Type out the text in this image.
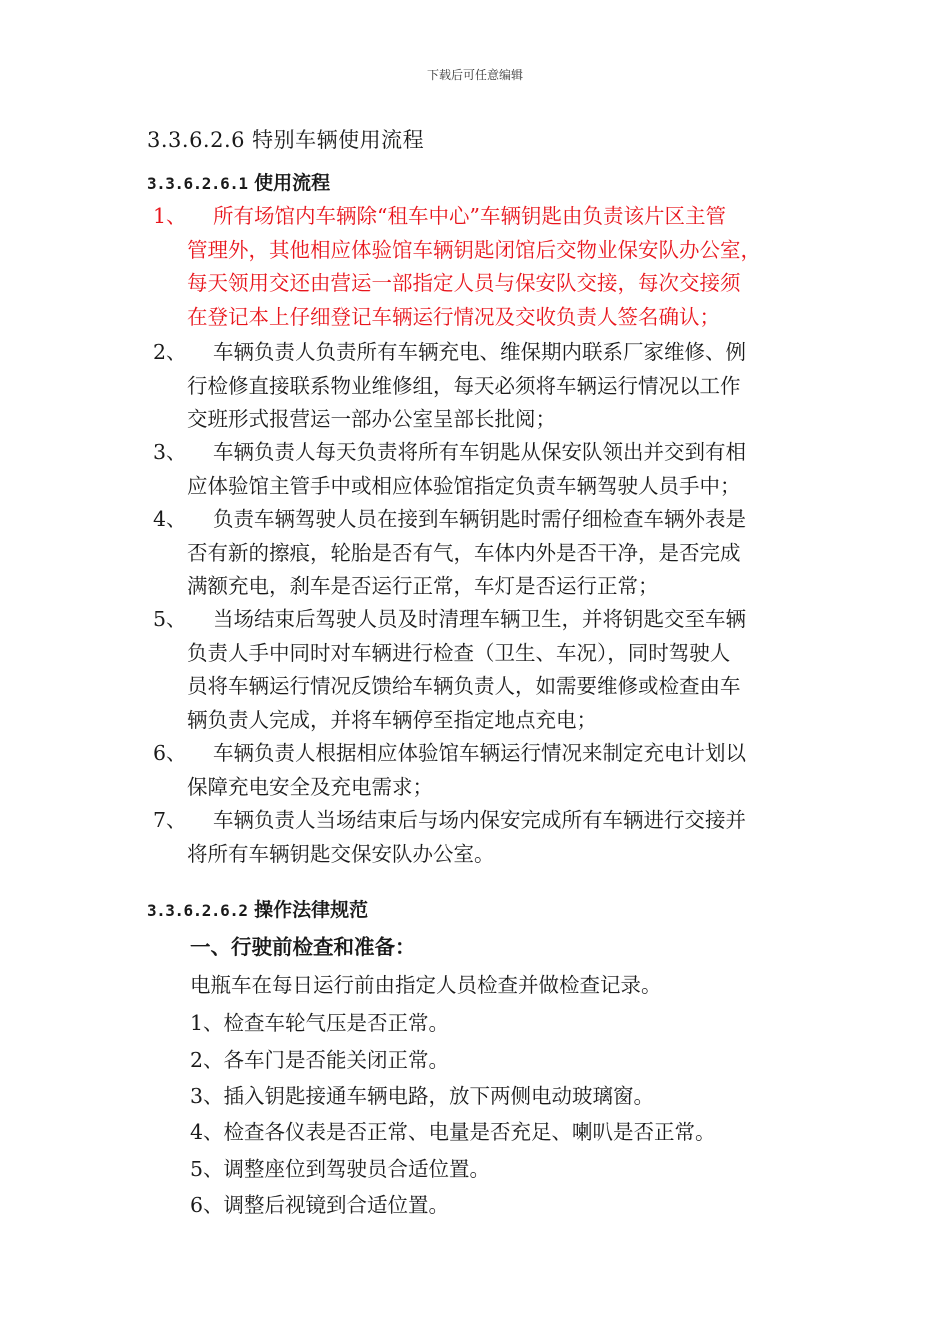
下载后可任意编辑
3.3.6.2.6 特别车辆使用流程
3.3.6.2.6.1 使用流程
1、	所有场馆内车辆除“租车中心”车辆钥匙由负责该片区主管
管理外，其他相应体验馆车辆钥匙闭馆后交物业保安队办公室，
每天领用交还由营运一部指定人员与保安队交接，每次交接须
在登记本上仔细登记车辆运行情况及交收负责人签名确认；
2、	车辆负责人负责所有车辆充电、维保期内联系厂家维修、例
行检修直接联系物业维修组，每天必须将车辆运行情况以工作
交班形式报营运一部办公室呈部长批阅；
3、	车辆负责人每天负责将所有车钥匙从保安队领出并交到有相
应体验馆主管手中或相应体验馆指定负责车辆驾驶人员手中；
4、	负责车辆驾驶人员在接到车辆钥匙时需仔细检查车辆外表是
否有新的擦痕，轮胎是否有气，车体内外是否干净，是否完成
满额充电，刹车是否运行正常，车灯是否运行正常；
5、	当场结束后驾驶人员及时清理车辆卫生，并将钥匙交至车辆
负责人手中同时对车辆进行检查（卫生、车况），同时驾驶人
员将车辆运行情况反馈给车辆负责人，如需要维修或检查由车
辆负责人完成，并将车辆停至指定地点充电；
6、	车辆负责人根据相应体验馆车辆运行情况来制定充电计划以
保障充电安全及充电需求；
7、	车辆负责人当场结束后与场内保安完成所有车辆进行交接并
将所有车辆钥匙交保安队办公室。
3.3.6.2.6.2 操作法律规范
一、行驶前检查和准备：
电瓶车在每日运行前由指定人员检查并做检查记录。
1、检查车轮气压是否正常。
2、各车门是否能关闭正常。
3、插入钥匙接通车辆电路，放下两侧电动玻璃窗。
4、检查各仪表是否正常、电量是否充足、喇叭是否正常。
5、调整座位到驾驶员合适位置。
6、调整后视镜到合适位置。
